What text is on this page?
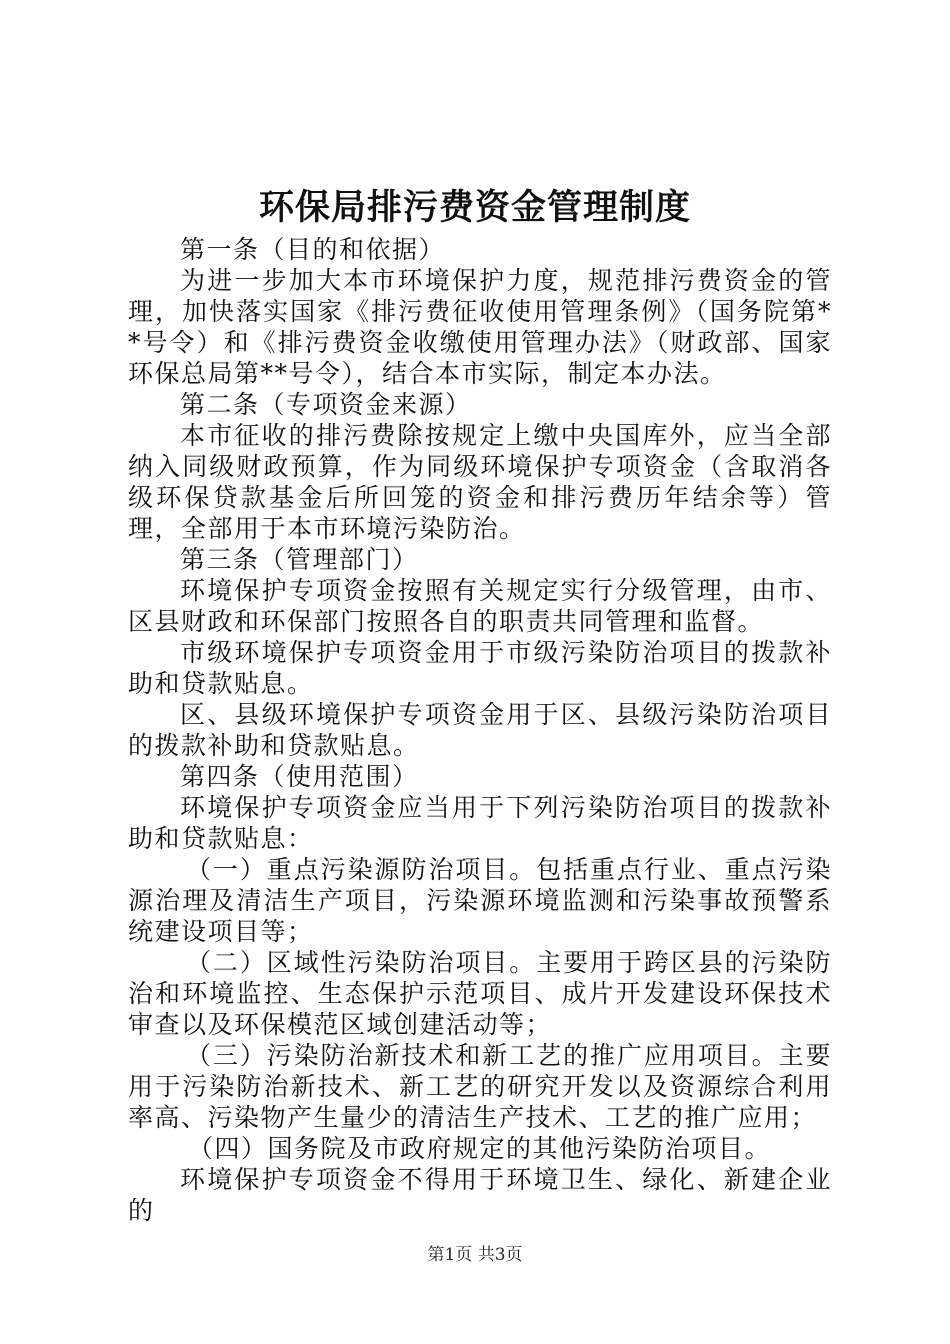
环保局排污费资金管理制度

第一条（目的和依据）

为进一步加大本市环境保护力度，规范排污费资金的管理，加快落实国家《排污费征收使用管理条例》（国务院第**号令）和《排污费资金收缴使用管理办法》（财政部、国家环保总局第**号令），结合本市实际，制定本办法。

第二条（专项资金来源）

本市征收的排污费除按规定上缴中央国库外，应当全部纳入同级财政预算，作为同级环境保护专项资金（含取消各级环保贷款基金后所回笼的资金和排污费历年结余等）管理，全部用于本市环境污染防治。

第三条（管理部门）

环境保护专项资金按照有关规定实行分级管理，由市、区县财政和环保部门按照各自的职责共同管理和监督。

市级环境保护专项资金用于市级污染防治项目的拨款补助和贷款贴息。

区、县级环境保护专项资金用于区、县级污染防治项目的拨款补助和贷款贴息。

第四条（使用范围）

环境保护专项资金应当用于下列污染防治项目的拨款补助和贷款贴息：

（一）重点污染源防治项目。包括重点行业、重点污染源治理及清洁生产项目，污染源环境监测和污染事故预警系统建设项目等；

（二）区域性污染防治项目。主要用于跨区县的污染防治和环境监控、生态保护示范项目、成片开发建设环保技术审查以及环保模范区域创建活动等；

（三）污染防治新技术和新工艺的推广应用项目。主要用于污染防治新技术、新工艺的研究开发以及资源综合利用率高、污染物产生量少的清洁生产技术、工艺的推广应用；

（四）国务院及市政府规定的其他污染防治项目。

环境保护专项资金不得用于环境卫生、绿化、新建企业的

第1页 共3页
